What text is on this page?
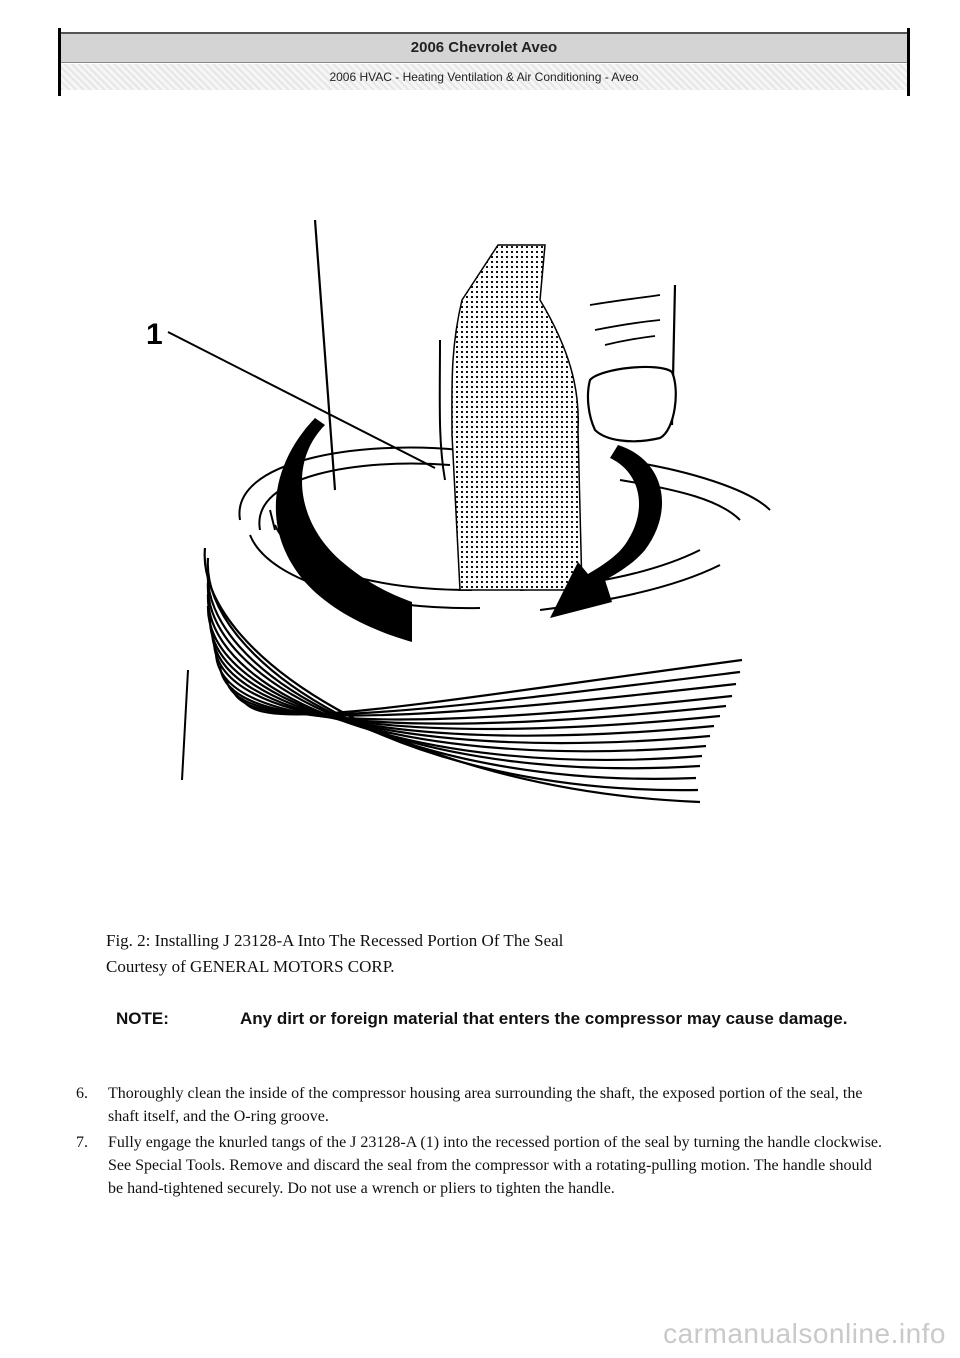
2006 Chevrolet Aveo
2006 HVAC - Heating Ventilation & Air Conditioning - Aveo
1
Fig. 2: Installing J 23128-A Into The Recessed Portion Of The Seal
Courtesy of GENERAL MOTORS CORP.
NOTE:	Any dirt or foreign material that enters the compressor may cause damage.
6. Thoroughly clean the inside of the compressor housing area surrounding the shaft, the exposed portion of the seal, the shaft itself, and the O-ring groove.
7. Fully engage the knurled tangs of the J 23128-A (1) into the recessed portion of the seal by turning the handle clockwise. See Special Tools. Remove and discard the seal from the compressor with a rotating-pulling motion. The handle should be hand-tightened securely. Do not use a wrench or pliers to tighten the handle.
carmanualsonline.info
